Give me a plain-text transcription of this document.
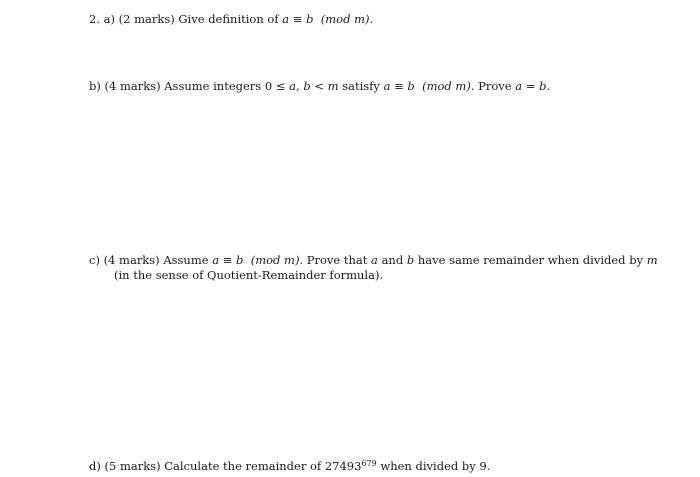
2. a) (2 marks) Give definition of a ≡ b (mod m).
b) (4 marks) Assume integers 0 ≤ a, b < m satisfy a ≡ b (mod m). Prove a = b.
c) (4 marks) Assume a ≡ b (mod m). Prove that a and b have same remainder when divided by m
(in the sense of Quotient-Remainder formula).
d) (5 marks) Calculate the remainder of 27493$^{679}$ when divided by 9.
